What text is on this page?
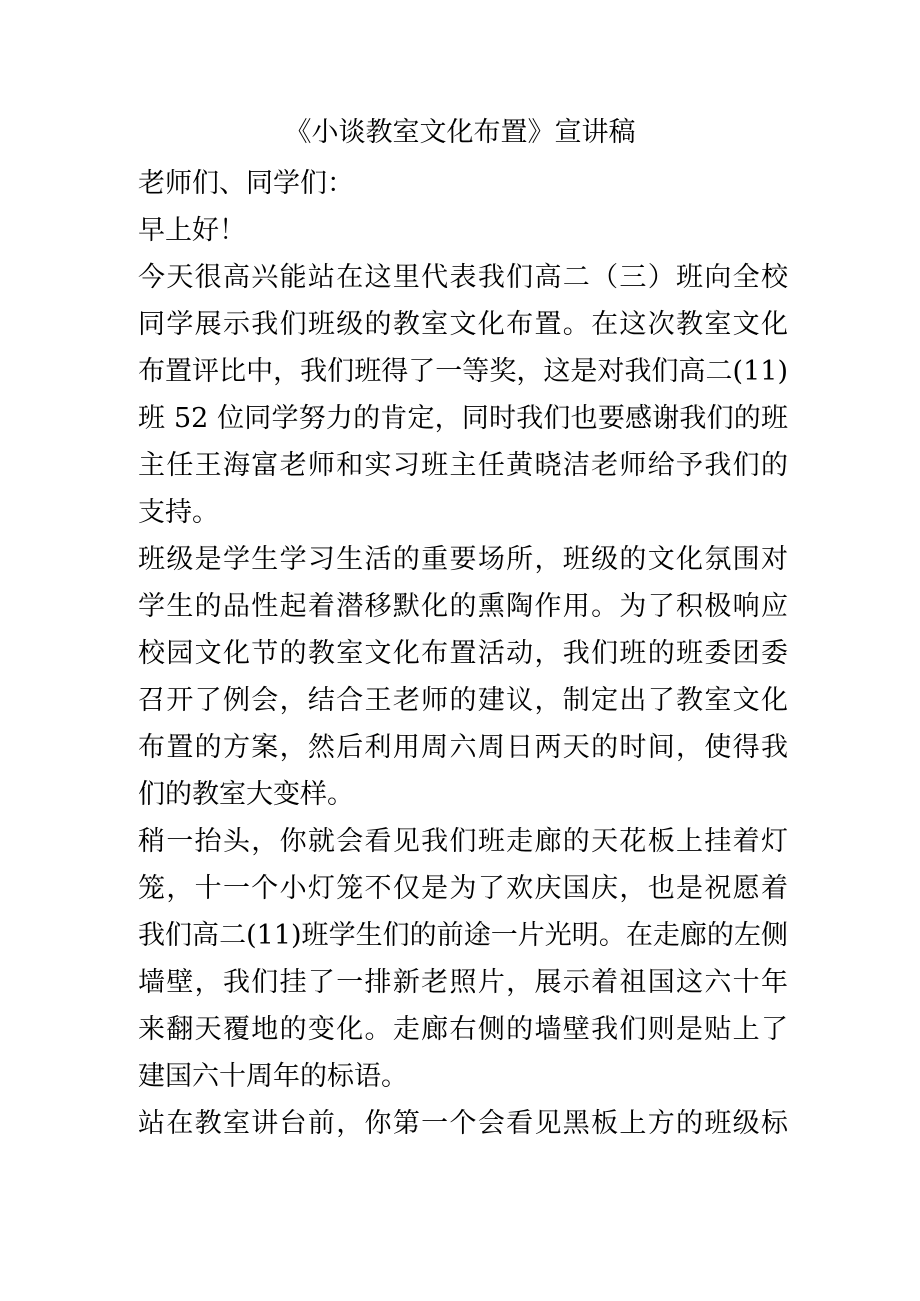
《小谈教室文化布置》宣讲稿
老师们、同学们：
早上好！
今天很高兴能站在这里代表我们高二（三）班向全校
同学展示我们班级的教室文化布置。在这次教室文化
布置评比中，我们班得了一等奖，这是对我们高二(11)
班 52 位同学努力的肯定，同时我们也要感谢我们的班
主任王海富老师和实习班主任黄晓洁老师给予我们的
支持。
班级是学生学习生活的重要场所，班级的文化氛围对
学生的品性起着潜移默化的熏陶作用。为了积极响应
校园文化节的教室文化布置活动，我们班的班委团委
召开了例会，结合王老师的建议，制定出了教室文化
布置的方案，然后利用周六周日两天的时间，使得我
们的教室大变样。
稍一抬头，你就会看见我们班走廊的天花板上挂着灯
笼，十一个小灯笼不仅是为了欢庆国庆，也是祝愿着
我们高二(11)班学生们的前途一片光明。在走廊的左侧
墙壁，我们挂了一排新老照片，展示着祖国这六十年
来翻天覆地的变化。走廊右侧的墙壁我们则是贴上了
建国六十周年的标语。
站在教室讲台前，你第一个会看见黑板上方的班级标
